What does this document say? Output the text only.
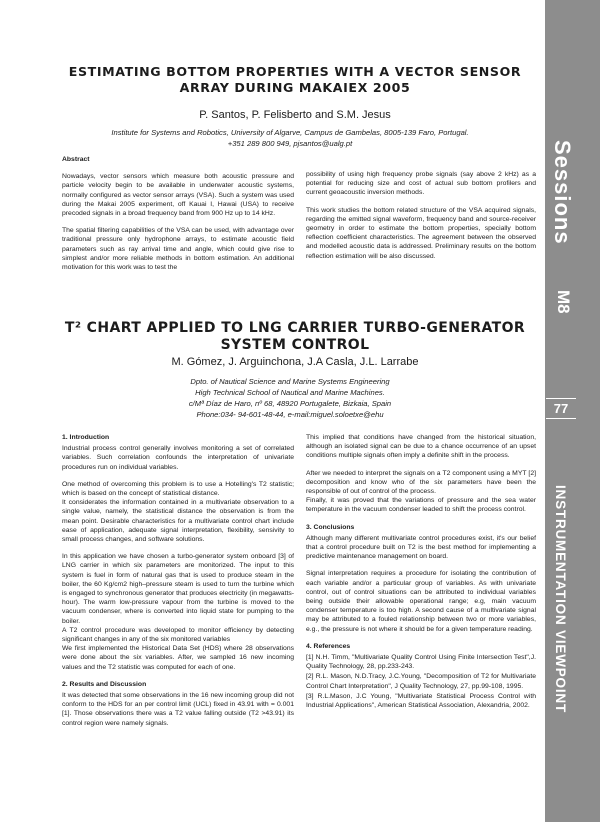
Sessions
M8
77
INSTRUMENTATION VIEWPOINT
ESTIMATING BOTTOM PROPERTIES WITH A VECTOR SENSOR ARRAY DURING MAKAIEX 2005
P. Santos, P. Felisberto and S.M. Jesus
Institute for Systems and Robotics, University of Algarve, Campus de Gambelas, 8005-139 Faro, Portugal.
+351 289 800 949, pjsantos@ualg.pt
Abstract

Nowadays, vector sensors which measure both acoustic pressure and particle velocity begin to be available in underwater acoustic systems, normally configured as vector sensor arrays (VSA). Such a system was used during the Makai 2005 experiment, off Kauai I, Hawai (USA) to receive precoded signals in a broad frequency band from 900 Hz up to 14 kHz.

The spatial filtering capabilities of the VSA can be used, with advantage over traditional pressure only hydrophone arrays, to estimate acoustic field parameters such as ray arrival time and angle, which could give rise to simplest and/or more reliable methods in bottom estimation. An additional motivation for this work was to test the

possibility of using high frequency probe signals (say above 2 kHz) as a potential for reducing size and cost of actual sub bottom profilers and current geoacoustic inversion methods.

This work studies the bottom related structure of the VSA acquired signals, regarding the emitted signal waveform, frequency band and source-receiver geometry in order to estimate the bottom properties, specially bottom reflection coefficient characteristics. The agreement between the observed and modelled acoustic data is addressed. Preliminary results on the bottom reflection estimation will be also discussed.

T² CHART APPLIED TO LNG CARRIER TURBO-GENERATOR SYSTEM CONTROL
M. Gómez, J. Arguinchona, J.A Casla, J.L. Larrabe
Dpto. of Nautical Science and Marine Systems Engineering
High Technical School of Nautical and Marine Machines.
c/Mª Díaz de Haro, nº 68, 48920 Portugalete, Bizkaia, Spain
Phone:034- 94-601-48-44, e-mail:miguel.soloetxe@ehu
1. Introduction

Industrial process control generally involves monitoring a set of correlated variables. Such correlation confounds the interpretation of univariate procedures run on individual variables.

One method of overcoming this problem is to use a Hotelling's T2 statistic; which is based on the concept of statistical distance.

It considerates the information contained in a multivariate observation to a single value, namely, the statistical distance the observation is from the mean point. Desirable characteristics for a multivariate control chart include ease of application, adequate signal interpretation, flexibility, sensivity to small process changes, and software solutions.

In this application we have chosen a turbo-generator system onboard [3] of LNG carrier in which six parameters are monitorized. The input to this system is fuel in form of natural gas that is used to produce steam in the boiler, the 60 Kg/cm2 high–pressure steam is used to turn the turbine which is engaged to synchronous generator that produces electricity (in megawatts-hour). The warm low-pressure vapour from the turbine is moved to the vacuum condenser, where is converted into liquid state for pumping to the boiler.

A T2 control procedure was developed to monitor efficiency by detecting significant changes in any of the six monitored variables

We first implemented the Historical Data Set (HDS) where 28 observations were done about the six variables. After, we sampled 16 new incoming values and the T2 statistic was computed for each of one.

2. Results and Discussion

It was detected that some observations in the 16 new incoming group did not conform to the HDS for an per control limit (UCL) fixed in 43.91 with = 0.001 [1]. Those observations there was a T2 value falling outside (T2 >43.91) its control region were namely signals.

This implied that conditions have changed from the historical situation, although an isolated signal can be due to a chance occurrence of an upset conditions multiple signals often imply a definite shift in the process.

After we needed to interpret the signals on a T2 component using a MYT [2] decomposition and know who of the six parameters have been the responsible of out of control of the process.

Finally, it was proved that the variations of pressure and the sea water temperature in the vacuum condenser leaded to shift the process control.

3. Conclusions

Although many different multivariate control procedures exist, it's our belief that a control procedure built on T2 is the best method for implementing a predictive maintenance management on board.

Signal interpretation requires a procedure for isolating the contribution of each variable and/or a particular group of variables. As with univariate control, out of control situations can be attributed to individual variables being outside their allowable operational range; e.g, main vacuum condenser temperature is too high. A second cause of a multivariate signal may be attributed to a fouled relationship between two or more variables, e.g., the pressure is not where it should be for a given temperature reading.

4. References
[1] N.H. Timm, "Multivariate Quality Control Using Finite Intersection Test",J. Quality Technology, 28, pp.233-243.
[2] R.L. Mason, N.D.Tracy, J.C.Young, "Decomposition of T2 for Multivariate Control Chart Interpretation", J Quality Technology, 27, pp.99-108, 1995.
[3] R.L.Mason, J.C Young, "Multivariate Statistical Process Control with Industrial Applications", American Statistical Association, Alexandria, 2002.
